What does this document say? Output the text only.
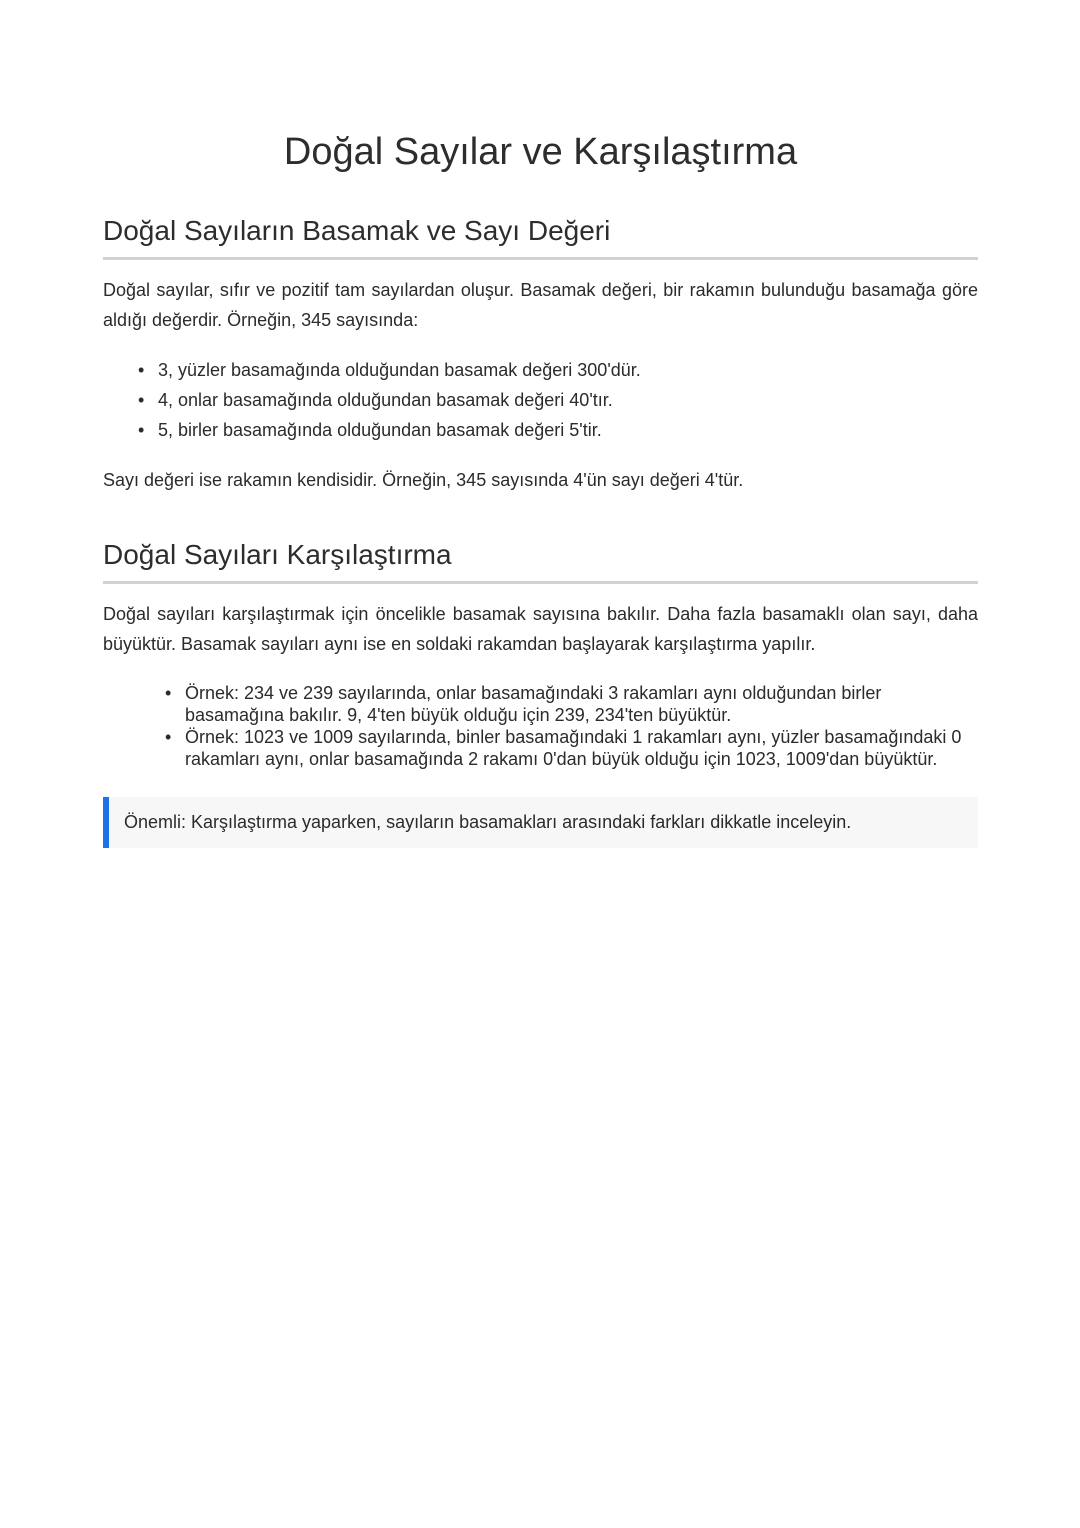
Doğal Sayılar ve Karşılaştırma
Doğal Sayıların Basamak ve Sayı Değeri

Doğal sayılar, sıfır ve pozitif tam sayılardan oluşur. Basamak değeri, bir rakamın bulunduğu basamağa göre aldığı değerdir. Örneğin, 345 sayısında:

• 3, yüzler basamağında olduğundan basamak değeri 300'dür.
• 4, onlar basamağında olduğundan basamak değeri 40'tır.
• 5, birler basamağında olduğundan basamak değeri 5'tir.

Sayı değeri ise rakamın kendisidir. Örneğin, 345 sayısında 4'ün sayı değeri 4'tür.

Doğal Sayıları Karşılaştırma

Doğal sayıları karşılaştırmak için öncelikle basamak sayısına bakılır. Daha fazla basamaklı olan sayı, daha büyüktür. Basamak sayıları aynı ise en soldaki rakamdan başlayarak karşılaştırma yapılır.

• Örnek: 234 ve 239 sayılarında, onlar basamağındaki 3 rakamları aynı olduğundan birler basamağına bakılır. 9, 4'ten büyük olduğu için 239, 234'ten büyüktür.
• Örnek: 1023 ve 1009 sayılarında, binler basamağındaki 1 rakamları aynı, yüzler basamağındaki 0 rakamları aynı, onlar basamağında 2 rakamı 0'dan büyük olduğu için 1023, 1009'dan büyüktür.
Önemli: Karşılaştırma yaparken, sayıların basamakları arasındaki farkları dikkatle inceleyin.
